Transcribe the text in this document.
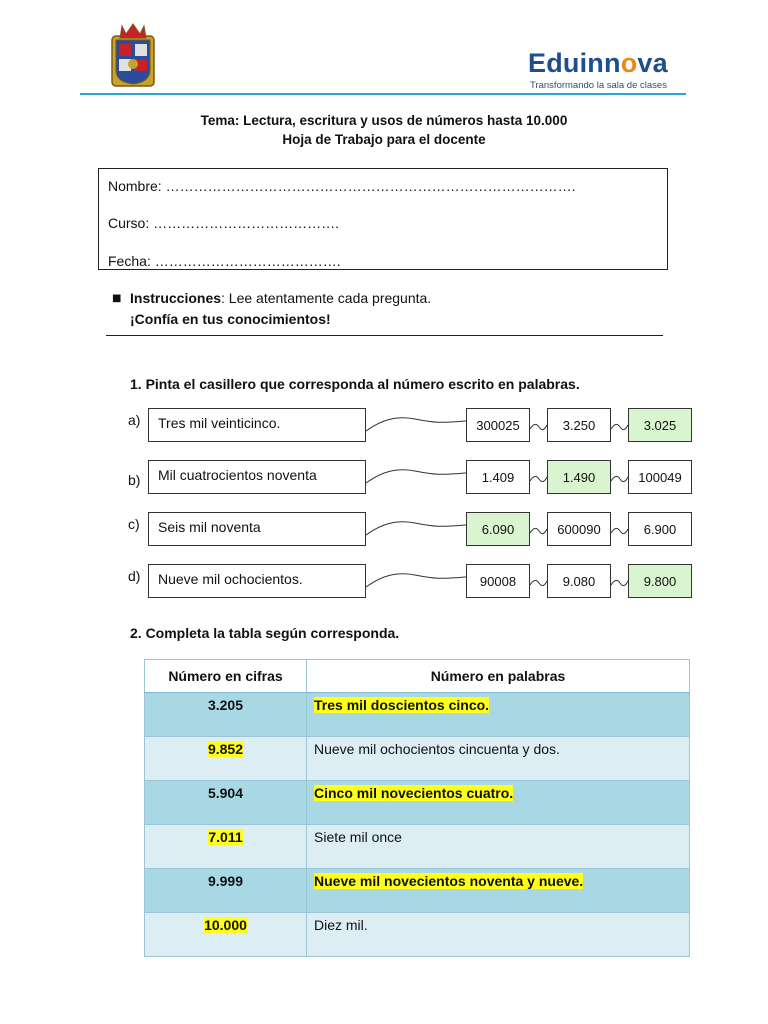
Eduinnova
Transformando la sala de clases
Tema: Lectura, escritura y usos de números hasta 10.000
Hoja de Trabajo para el docente
Nombre: …………………………………………………………………………….
Curso: ………………………………….
Fecha: ………………………………….
■ Instrucciones: Lee atentamente cada pregunta.
¡Confía en tus conocimientos!
1. Pinta el casillero que corresponda al número escrito en palabras.
a)	Tres mil veinticinco.	300025	3.250	3.025
b)	Mil cuatrocientos noventa	1.409	1.490	100049
c)	Seis mil noventa	6.090	600090	6.900
d)	Nueve mil ochocientos.	90008	9.080	9.800
2. Completa la tabla según corresponda.
Número en cifras	Número en palabras
3.205	Tres mil doscientos cinco.
9.852	Nueve mil ochocientos cincuenta y dos.
5.904	Cinco mil novecientos cuatro.
7.011	Siete mil once
9.999	Nueve mil novecientos noventa y nueve.
10.000	Diez mil.
